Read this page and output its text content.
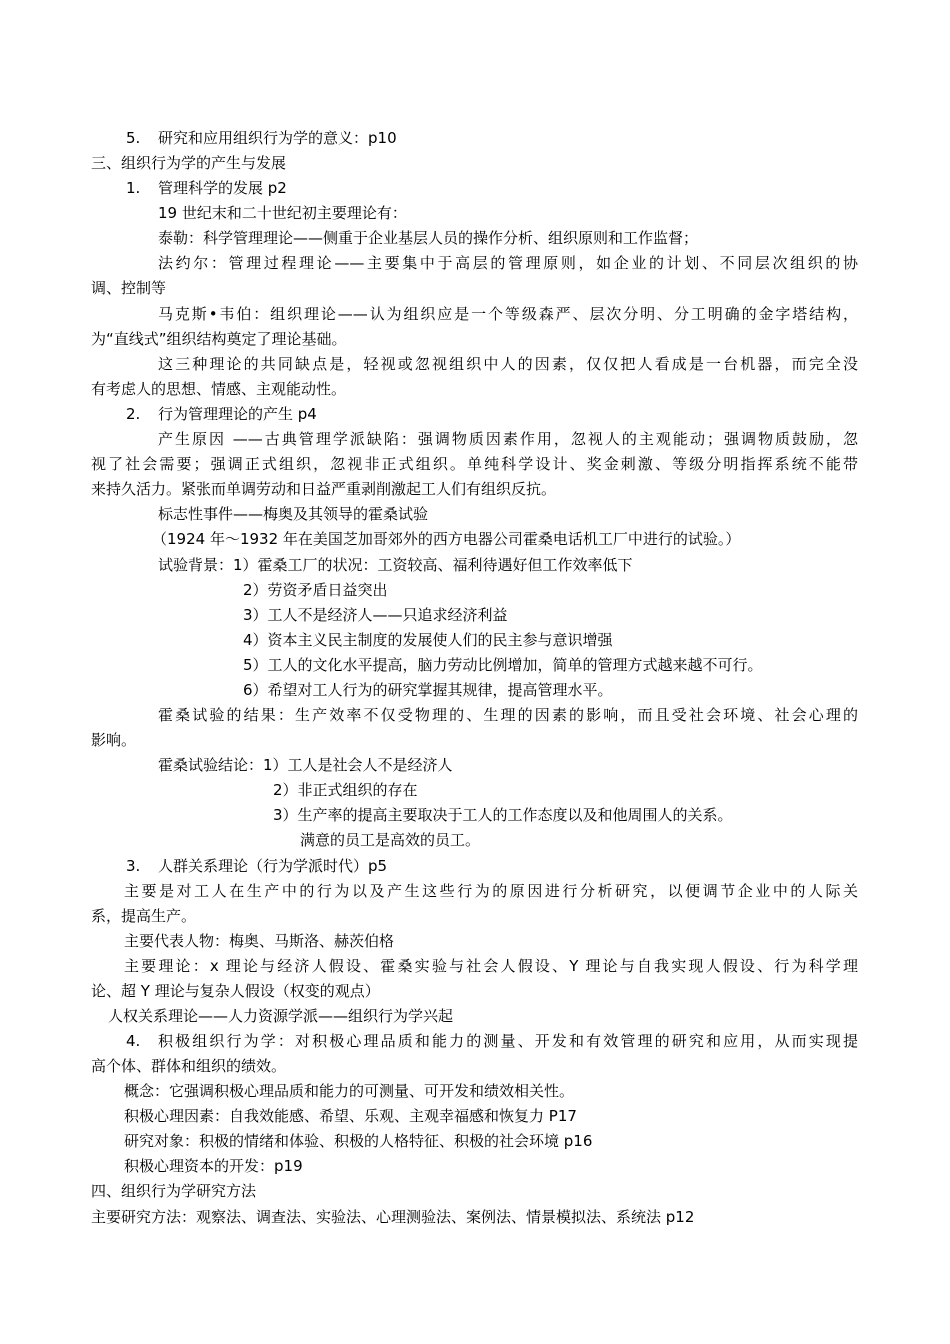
5. 研究和应用组织行为学的意义：p10
三、组织行为学的产生与发展
1. 管理科学的发展 p2
19 世纪末和二十世纪初主要理论有：
泰勒：科学管理理论——侧重于企业基层人员的操作分析、组织原则和工作监督；
法约尔：管理过程理论——主要集中于高层的管理原则，如企业的计划、不同层次组织的协
调、控制等
马克斯•韦伯：组织理论——认为组织应是一个等级森严、层次分明、分工明确的金字塔结构，
为“直线式”组织结构奠定了理论基础。
这三种理论的共同缺点是，轻视或忽视组织中人的因素，仅仅把人看成是一台机器，而完全没
有考虑人的思想、情感、主观能动性。
2. 行为管理理论的产生 p4
产生原因 ——古典管理学派缺陷：强调物质因素作用，忽视人的主观能动；强调物质鼓励，忽
视了社会需要；强调正式组织，忽视非正式组织。单纯科学设计、奖金刺激、等级分明指挥系统不能带
来持久活力。紧张而单调劳动和日益严重剥削激起工人们有组织反抗。
标志性事件——梅奥及其领导的霍桑试验
（1924 年～1932 年在美国芝加哥郊外的西方电器公司霍桑电话机工厂中进行的试验。）
试验背景：1）霍桑工厂的状况：工资较高、福利待遇好但工作效率低下
2）劳资矛盾日益突出
3）工人不是经济人——只追求经济利益
4）资本主义民主制度的发展使人们的民主参与意识增强
5）工人的文化水平提高，脑力劳动比例增加，简单的管理方式越来越不可行。
6）希望对工人行为的研究掌握其规律，提高管理水平。
霍桑试验的结果：生产效率不仅受物理的、生理的因素的影响，而且受社会环境、社会心理的
影响。
霍桑试验结论：1）工人是社会人不是经济人
2）非正式组织的存在
3）生产率的提高主要取决于工人的工作态度以及和他周围人的关系。
满意的员工是高效的员工。
3. 人群关系理论（行为学派时代）p5
主要是对工人在生产中的行为以及产生这些行为的原因进行分析研究，以便调节企业中的人际关
系，提高生产。
主要代表人物：梅奥、马斯洛、赫茨伯格
主要理论：x 理论与经济人假设、霍桑实验与社会人假设、Y 理论与自我实现人假设、行为科学理
论、超 Y 理论与复杂人假设（权变的观点）
人权关系理论——人力资源学派——组织行为学兴起
4. 积极组织行为学：对积极心理品质和能力的测量、开发和有效管理的研究和应用，从而实现提
高个体、群体和组织的绩效。
概念：它强调积极心理品质和能力的可测量、可开发和绩效相关性。
积极心理因素：自我效能感、希望、乐观、主观幸福感和恢复力 P17
研究对象：积极的情绪和体验、积极的人格特征、积极的社会环境 p16
积极心理资本的开发：p19
四、组织行为学研究方法
主要研究方法：观察法、调查法、实验法、心理测验法、案例法、情景模拟法、系统法 p12
